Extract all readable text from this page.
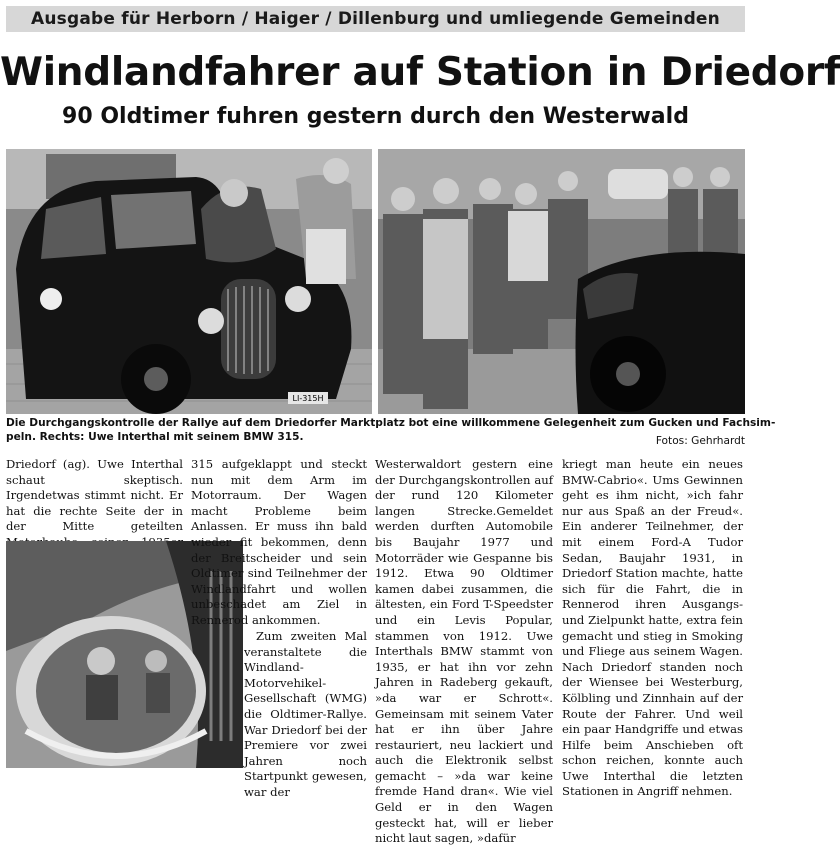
Ausgabe für Herborn / Haiger / Dillenburg und umliegende Gemeinden
Windlandfahrer auf Station in Driedorf
90 Oldtimer fuhren gestern durch den Westerwald
LI-315H
Die Durchgangskontrolle der Rallye auf dem Driedorfer Marktplatz bot eine willkommene Gelegenheit zum Gucken und Fachsim-
peln. Rechts: Uwe Interthal mit seinem BMW 315.	Fotos: Gehrhardt

Driedorf (ag). Uwe Interthal schaut skeptisch. Irgendetwas stimmt nicht. Er hat die rechte Seite der in der Mitte geteilten

315 aufgeklappt und steckt nun mit dem Arm im Motorraum. Der Wagen macht Probleme beim Anlassen. Er muss ihn bald wieder fit bekommen, denn der Breitscheider und sein Oldtimer sind Teilnehmer der Windlandfahrt und wollen unbeschadet am Ziel in Rennerod ankommen.

Zum zweiten Mal veranstaltete die Windland-Motorvehikel-Gesellschaft (WMG) die Oldtimer-Rallye. War Driedorf bei der Premiere vor zwei Jahren noch Startpunkt gewesen, war der

Westerwaldort gestern eine der Durchgangskontrollen auf der rund 120 Kilometer langen Strecke.Gemeldet werden durften Automobile bis Baujahr 1977 und Motorräder wie Gespanne bis 1912. Etwa 90 Oldtimer kamen dabei zusammen, die ältesten, ein Ford T-Speedster und ein Levis Popular, stammen von 1912. Uwe Interthals BMW stammt von 1935, er hat ihn vor zehn Jahren in Radeberg gekauft, »da war er Schrott«. Gemeinsam mit seinem Vater hat er ihn über Jahre restauriert, neu lackiert und auch die Elektronik selbst gemacht – »da war keine fremde Hand dran«. Wie viel Geld er in den Wagen gesteckt hat, will er lieber nicht laut sagen, »dafür

kriegt man heute ein neues BMW-Cabrio«. Ums Gewinnen geht es ihm nicht, »ich fahr nur aus Spaß an der Freud«. Ein anderer Teilnehmer, der mit einem Ford-A Tudor Sedan, Baujahr 1931, in Driedorf Station machte, hatte sich für die Fahrt, die in Rennerod ihren Ausgangs- und Zielpunkt hatte, extra fein gemacht und stieg in Smoking und Fliege aus seinem Wagen. Nach Driedorf standen noch der Wiensee bei Westerburg, Kölbling und Zinnhain auf der Route der Fahrer. Und weil ein paar Handgriffe und etwas Hilfe beim Anschieben oft schon reichen, konnte auch Uwe Interthal die letzten Stationen in Angriff nehmen.
